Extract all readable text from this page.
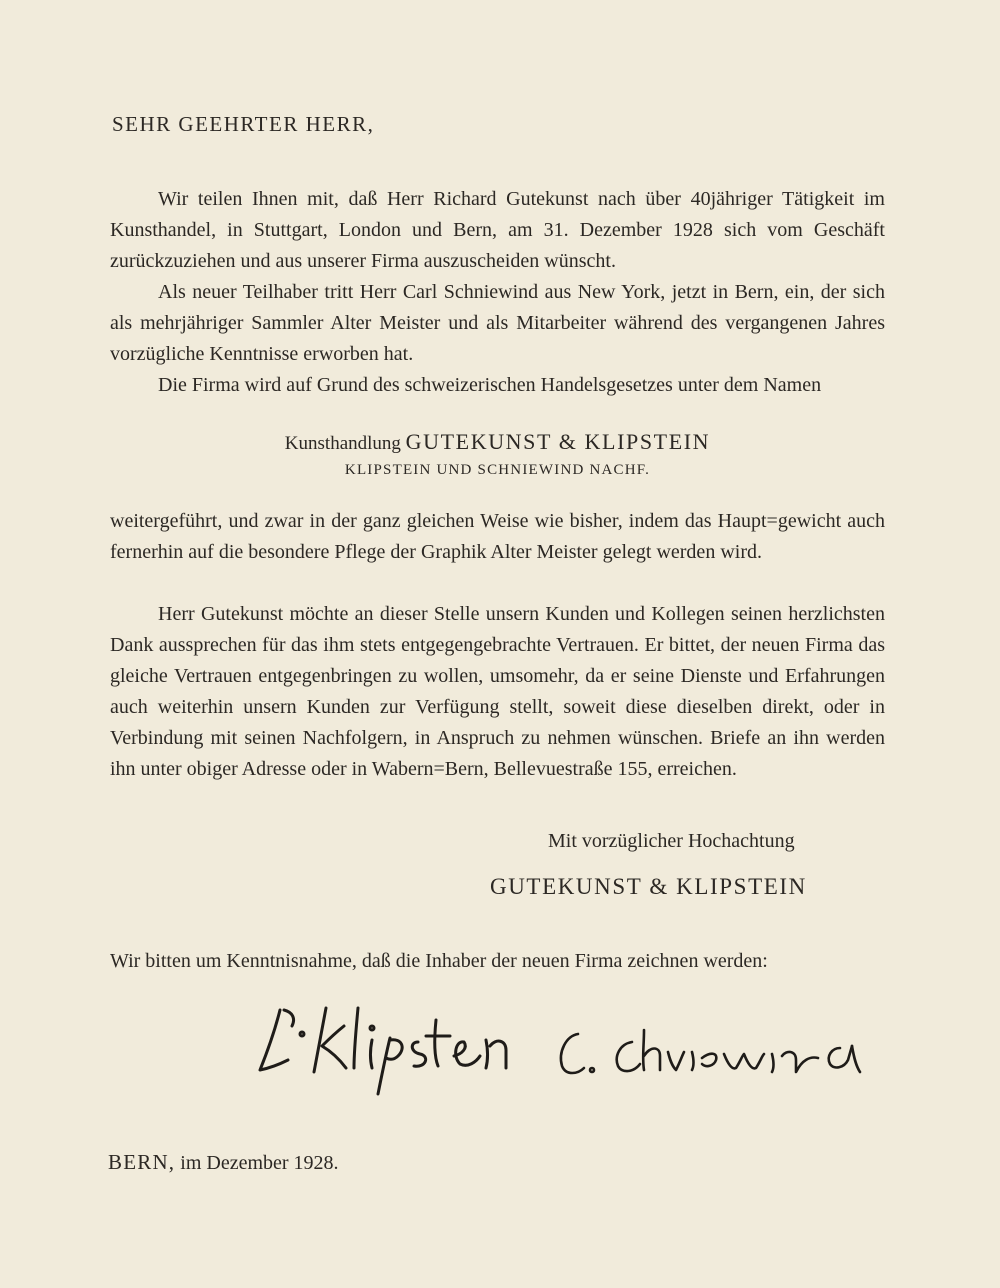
SEHR GEEHRTER HERR,

Wir teilen Ihnen mit, daß Herr Richard Gutekunst nach über 40jähriger Tätigkeit im Kunsthandel, in Stuttgart, London und Bern, am 31. Dezember 1928 sich vom Geschäft zurückzuziehen und aus unserer Firma auszuscheiden wünscht.

Als neuer Teilhaber tritt Herr Carl Schniewind aus New York, jetzt in Bern, ein, der sich als mehrjähriger Sammler Alter Meister und als Mitarbeiter während des vergangenen Jahres vorzügliche Kenntnisse erworben hat.

Die Firma wird auf Grund des schweizerischen Handelsgesetzes unter dem Namen

Kunsthandlung GUTEKUNST & KLIPSTEIN
KLIPSTEIN UND SCHNIEWIND NACHF.

weitergeführt, und zwar in der ganz gleichen Weise wie bisher, indem das Haupt=gewicht auch fernerhin auf die besondere Pflege der Graphik Alter Meister gelegt werden wird.

Herr Gutekunst möchte an dieser Stelle unsern Kunden und Kollegen seinen herzlichsten Dank aussprechen für das ihm stets entgegengebrachte Vertrauen. Er bittet, der neuen Firma das gleiche Vertrauen entgegenbringen zu wollen, umsomehr, da er seine Dienste und Erfahrungen auch weiterhin unsern Kunden zur Verfügung stellt, soweit diese dieselben direkt, oder in Verbindung mit seinen Nachfolgern, in Anspruch zu nehmen wünschen. Briefe an ihn werden ihn unter obiger Adresse oder in Wabern=Bern, Bellevuestraße 155, erreichen.

Mit vorzüglicher Hochachtung
GUTEKUNST & KLIPSTEIN
Wir bitten um Kenntnisnahme, daß die Inhaber der neuen Firma zeichnen werden:
BERN, im Dezember 1928.
